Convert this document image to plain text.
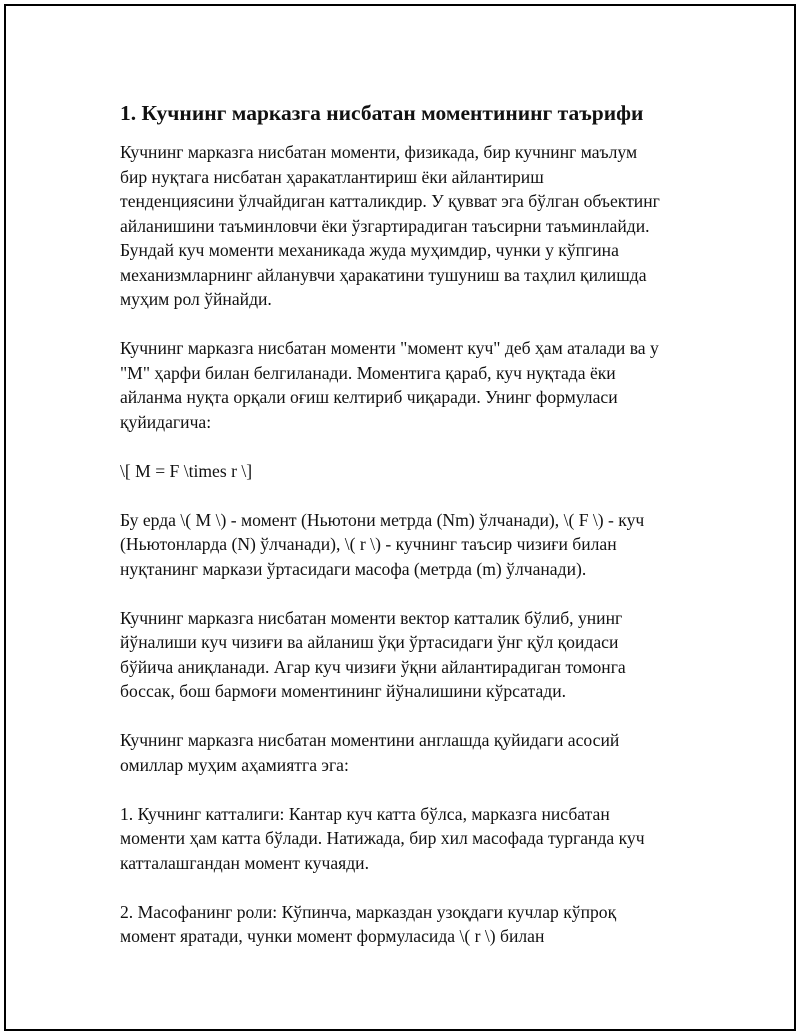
1. Кучнинг марказга нисбатан моментининг таърифи
Кучнинг марказга нисбатан моменти, физикада, бир кучнинг маълум
бир нуқтага нисбатан ҳаракатлантириш ёки айлантириш
тенденциясини ўлчайдиган катталикдир. У қувват эга бўлган объектинг
айланишини таъминловчи ёки ўзгартирадиган таъсирни таъминлайди.
Бундай куч моменти механикада жуда муҳимдир, чунки у кўпгина
механизмларнинг айланувчи ҳаракатини тушуниш ва таҳлил қилишда
муҳим рол ўйнайди.
Кучнинг марказга нисбатан моменти "момент куч" деб ҳам аталади ва у
"M" ҳарфи билан белгиланади. Моментига қараб, куч нуқтада ёки
айланма нуқта орқали оғиш келтириб чиқаради. Унинг формуласи
қуйидагича:
\[ M = F \times r \]
Бу ерда \( M \) - момент (Ньютони метрда (Nm) ўлчанади), \( F \) - куч
(Ньютонларда (N) ўлчанади), \( r \) - кучнинг таъсир чизиғи билан
нуқтанинг маркази ўртасидаги масофа (метрда (m) ўлчанади).
Кучнинг марказга нисбатан моменти вектор катталик бўлиб, унинг
йўналиши куч чизиғи ва айланиш ўқи ўртасидаги ўнг қўл қоидаси
бўйича аниқланади. Агар куч чизиғи ўқни айлантирадиган томонга
боссак, бош бармоғи моментининг йўналишини кўрсатади.
Кучнинг марказга нисбатан моментини англашда қуйидаги асосий
омиллар муҳим аҳамиятга эга:
1. Кучнинг катталиги: Кантар куч катта бўлса, марказга нисбатан
моменти ҳам катта бўлади. Натижада, бир хил масофада турганда куч
катталашгандан момент кучаяди.
2. Масофанинг роли: Кўпинча, марказдан узоқдаги кучлар кўпроқ
момент яратади, чунки момент формуласида \( r \) билан
